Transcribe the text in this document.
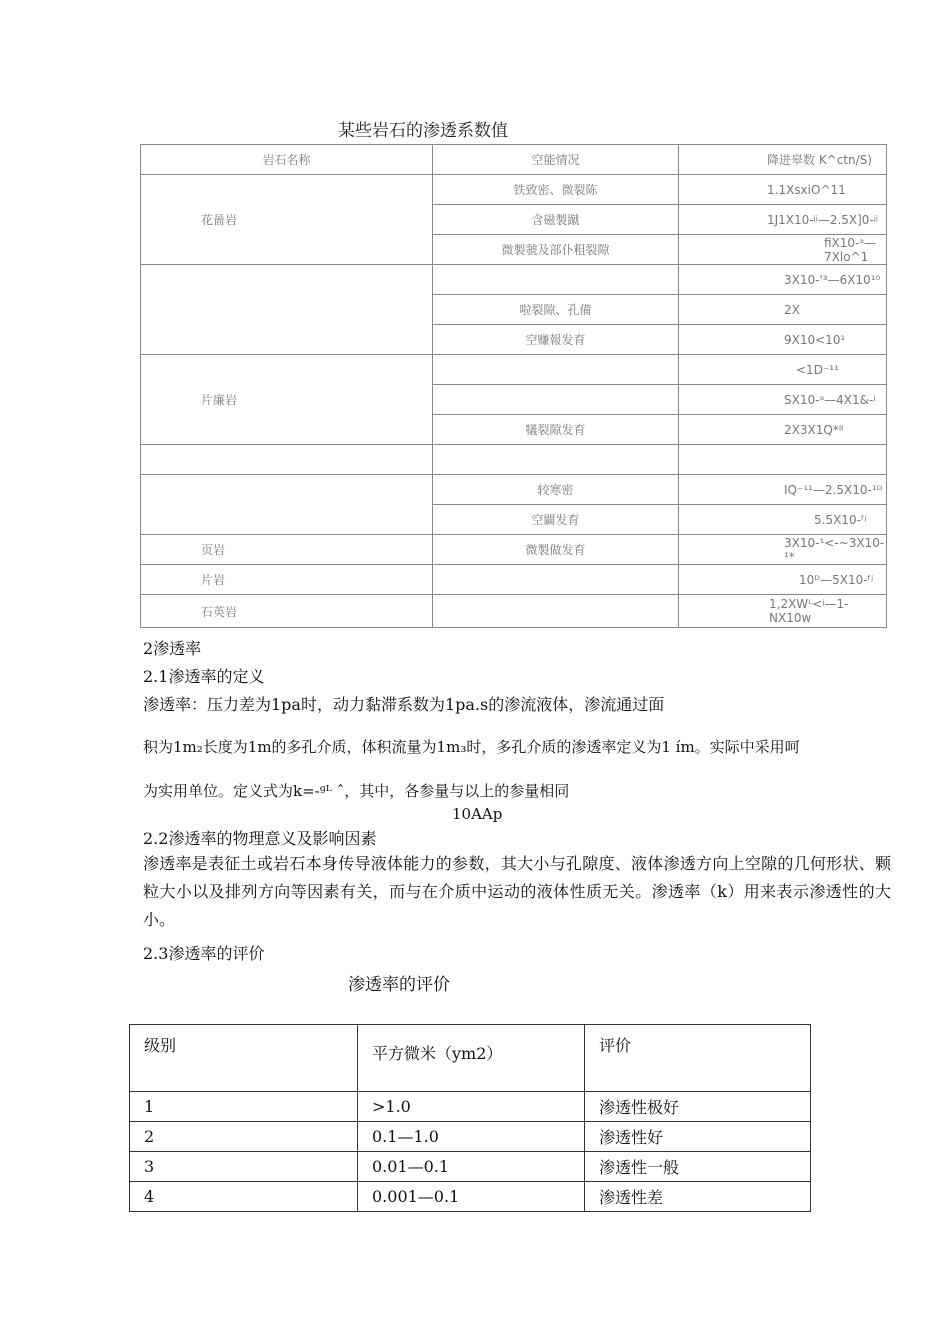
某些岩石的渗透系数值
岩石名称	空能情况	降进皋数 K^ctn/S)
花啚岩	铁致密、微裂陈	1.1XsxiO^11
	含磁製蹴	1J1X10-ʲʲ—2.5X]0-ʲʲ
	微製虢及部仆粗裂隙	fiX10-ᵃ—7Xlo^1
		3X10-'³—6X10¹⁰
	啦裂隙、孔備	2X
	空赚報发育	9X10<10¹
片廉岩		<1D⁻¹¹
		SX10-ᵃ—4X1&-ʲ
	犠裂隙发育	2X3X1Q*⁸

	较寒密	IQ⁻¹¹—2.5X10-¹ᴰ
	空闢发育	5.5X10-ᶠʲ
页岩	微製做发育	3X10-¹<-~3X10-¹*
片岩		10ᴰ—5X10-ᶠʲ
石英岩		1,2XWᴸ<ʲ—1-NX10w
2渗透率
2.1渗透率的定义
渗透率：压力差为1pa时，动力黏滞系数为1pa.s的渗流液体，渗流通过面
积为1m₂长度为1m的多孔介质，体积流量为1m₃时，多孔介质的渗透率定义为1 ím。实际中采用呵
为实用单位。定义式为k=-ᶢᴸ ˆ，其中，各参量与以上的参量相同
10AAp
2.2渗透率的物理意义及影响因素
渗透率是表征土或岩石本身传导液体能力的参数，其大小与孔隙度、液体渗透方向上空隙的几何形状、颗粒大小以及排列方向等因素有关，而与在介质中运动的液体性质无关。渗透率（k）用来表示渗透性的大小。
2.3渗透率的评价
渗透率的评价
级别	平方微米（ym2）	评价
1	>1.0	渗透性极好
2	0.1—1.0	渗透性好
3	0.01—0.1	渗透性一般
4	0.001—0.1	渗透性差
